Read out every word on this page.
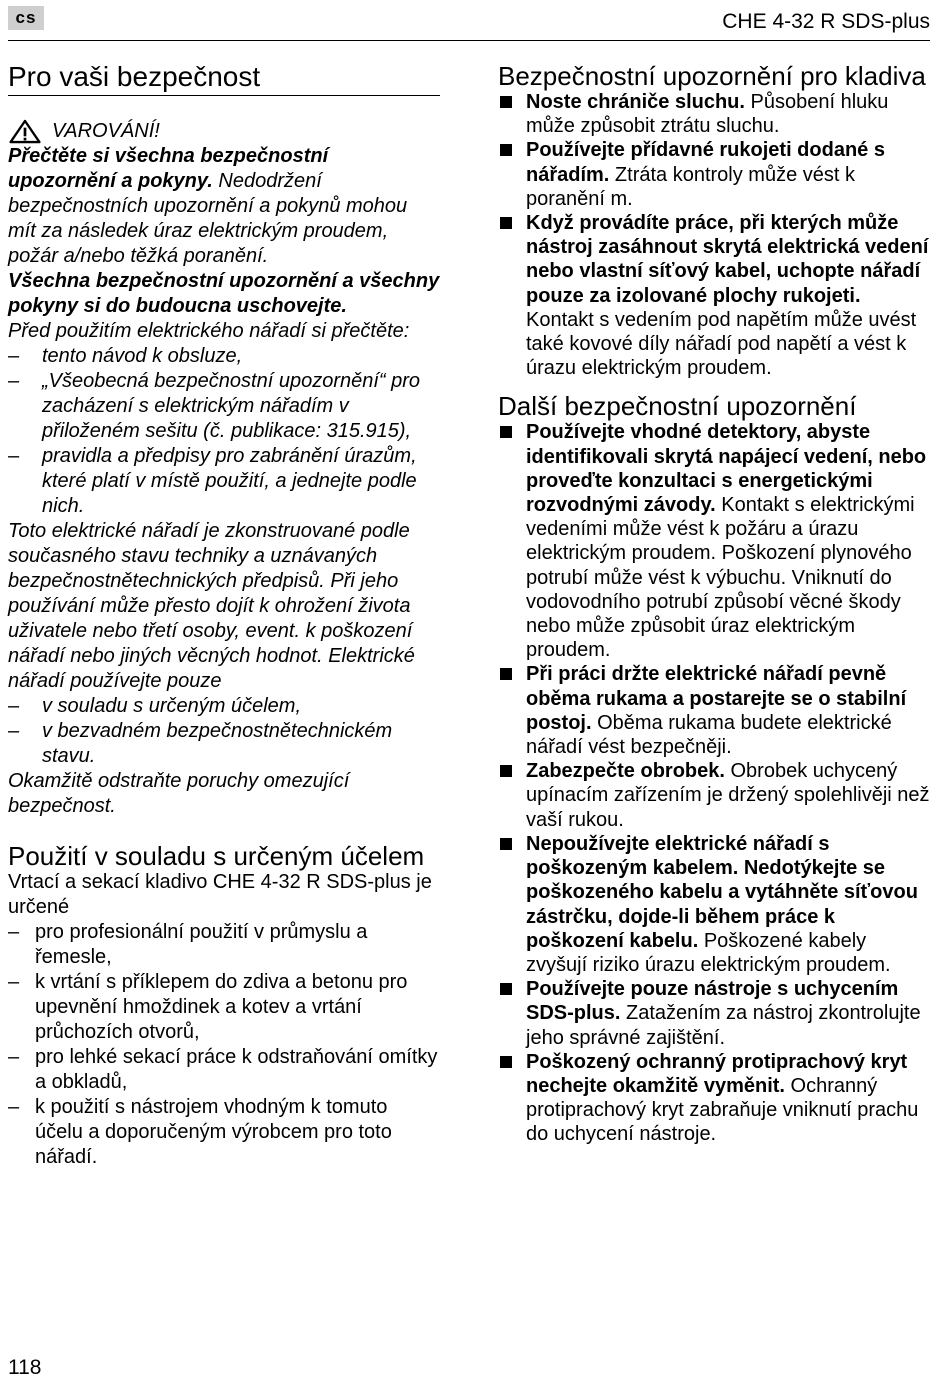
cs	CHE 4-32 R SDS-plus
Pro vaši bezpečnost
VAROVÁNÍ!

Přečtěte si všechna bezpečnostní upozornění a pokyny. Nedodržení bezpečnostních upozornění a pokynů mohou mít za následek úraz elektrickým proudem, požár a/nebo těžká poranění.

Všechna bezpečnostní upozornění a všechny pokyny si do budoucna uschovejte.

Před použitím elektrického nářadí si přečtěte:

– tento návod k obsluze,
– „Všeobecná bezpečnostní upozornění“ pro zacházení s elektrickým nářadím v přiloženém sešitu (č. publikace: 315.915),
– pravidla a předpisy pro zabránění úrazům, které platí v místě použití, a jednejte podle nich.

Toto elektrické nářadí je zkonstruované podle současného stavu techniky a uznávaných bezpečnostnětechnických předpisů. Při jeho používání může přesto dojít k ohrožení života uživatele nebo třetí osoby, event. k poškození nářadí nebo jiných věcných hodnot. Elektrické nářadí používejte pouze

– v souladu s určeným účelem,
– v bezvadném bezpečnostnětechnickém stavu.

Okamžitě odstraňte poruchy omezující bezpečnost.

Použití v souladu s určeným účelem

Vrtací a sekací kladivo CHE 4-32 R SDS-plus je určené

– pro profesionální použití v průmyslu a řemesle,
– k vrtání s příklepem do zdiva a betonu pro upevnění hmoždinek a kotev a vrtání průchozích otvorů,
– pro lehké sekací práce k odstraňování omítky a obkladů,
– k použití s nástrojem vhodným k tomuto účelu a doporučeným výrobcem pro toto nářadí.
Bezpečnostní upozornění pro kladiva
Noste chrániče sluchu. Působení hluku může způsobit ztrátu sluchu.
Používejte přídavné rukojeti dodané s nářadím. Ztráta kontroly může vést k poranění m.
Když provádíte práce, při kterých může nástroj zasáhnout skrytá elektrická vedení nebo vlastní síťový kabel, uchopte nářadí pouze za izolované plochy rukojeti. Kontakt s vedením pod napětím může uvést také kovové díly nářadí pod napětí a vést k úrazu elektrickým proudem.
Další bezpečnostní upozornění
Používejte vhodné detektory, abyste identifikovali skrytá napájecí vedení, nebo proveďte konzultaci s energetickými rozvodnými závody. Kontakt s elektrickými vedeními může vést k požáru a úrazu elektrickým proudem. Poškození plynového potrubí může vést k výbuchu. Vniknutí do vodovodního potrubí způsobí věcné škody nebo může způsobit úraz elektrickým proudem.
Při práci držte elektrické nářadí pevně oběma rukama a postarejte se o stabilní postoj. Oběma rukama budete elektrické nářadí vést bezpečněji.
Zabezpečte obrobek. Obrobek uchycený upínacím zařízením je držený spolehlivěji než vaší rukou.
Nepoužívejte elektrické nářadí s poškozeným kabelem. Nedotýkejte se poškozeného kabelu a vytáhněte síťovou zástrčku, dojde-li během práce k poškození kabelu. Poškozené kabely zvyšují riziko úrazu elektrickým proudem.
Používejte pouze nástroje s uchycením SDS-plus. Zatažením za nástroj zkontrolujte jeho správné zajištění.
Poškozený ochranný protiprachový kryt nechejte okamžitě vyměnit. Ochranný protiprachový kryt zabraňuje vniknutí prachu do uchycení nástroje.
118
